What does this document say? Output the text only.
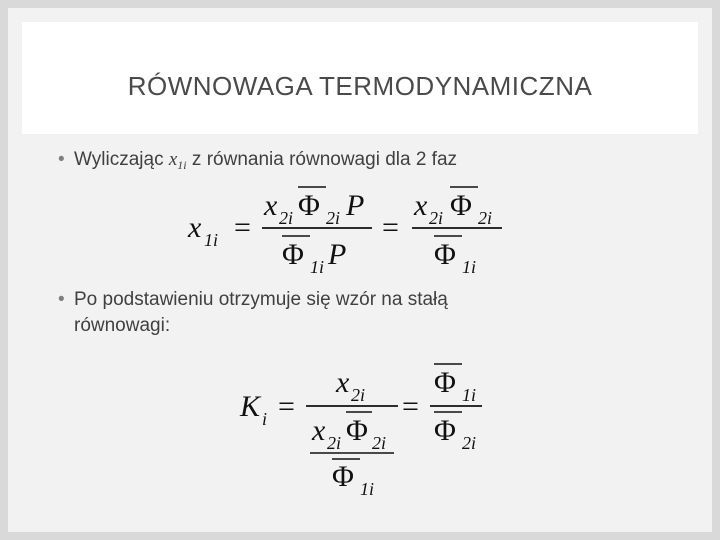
RÓWNOWAGA TERMODYNAMICZNA
• Wyliczając $x_{1i}$ z równania równowagi dla 2 faz
x 1i =
x 2i Φ 2i P
Φ 1i P
=
x 2i Φ 2i
Φ 1i
• Po podstawieniu otrzymuje się wzór na stałą
równowagi:
K i =
x 2i
x 2i Φ 2i
Φ 1i
=
Φ 1i
Φ 2i
